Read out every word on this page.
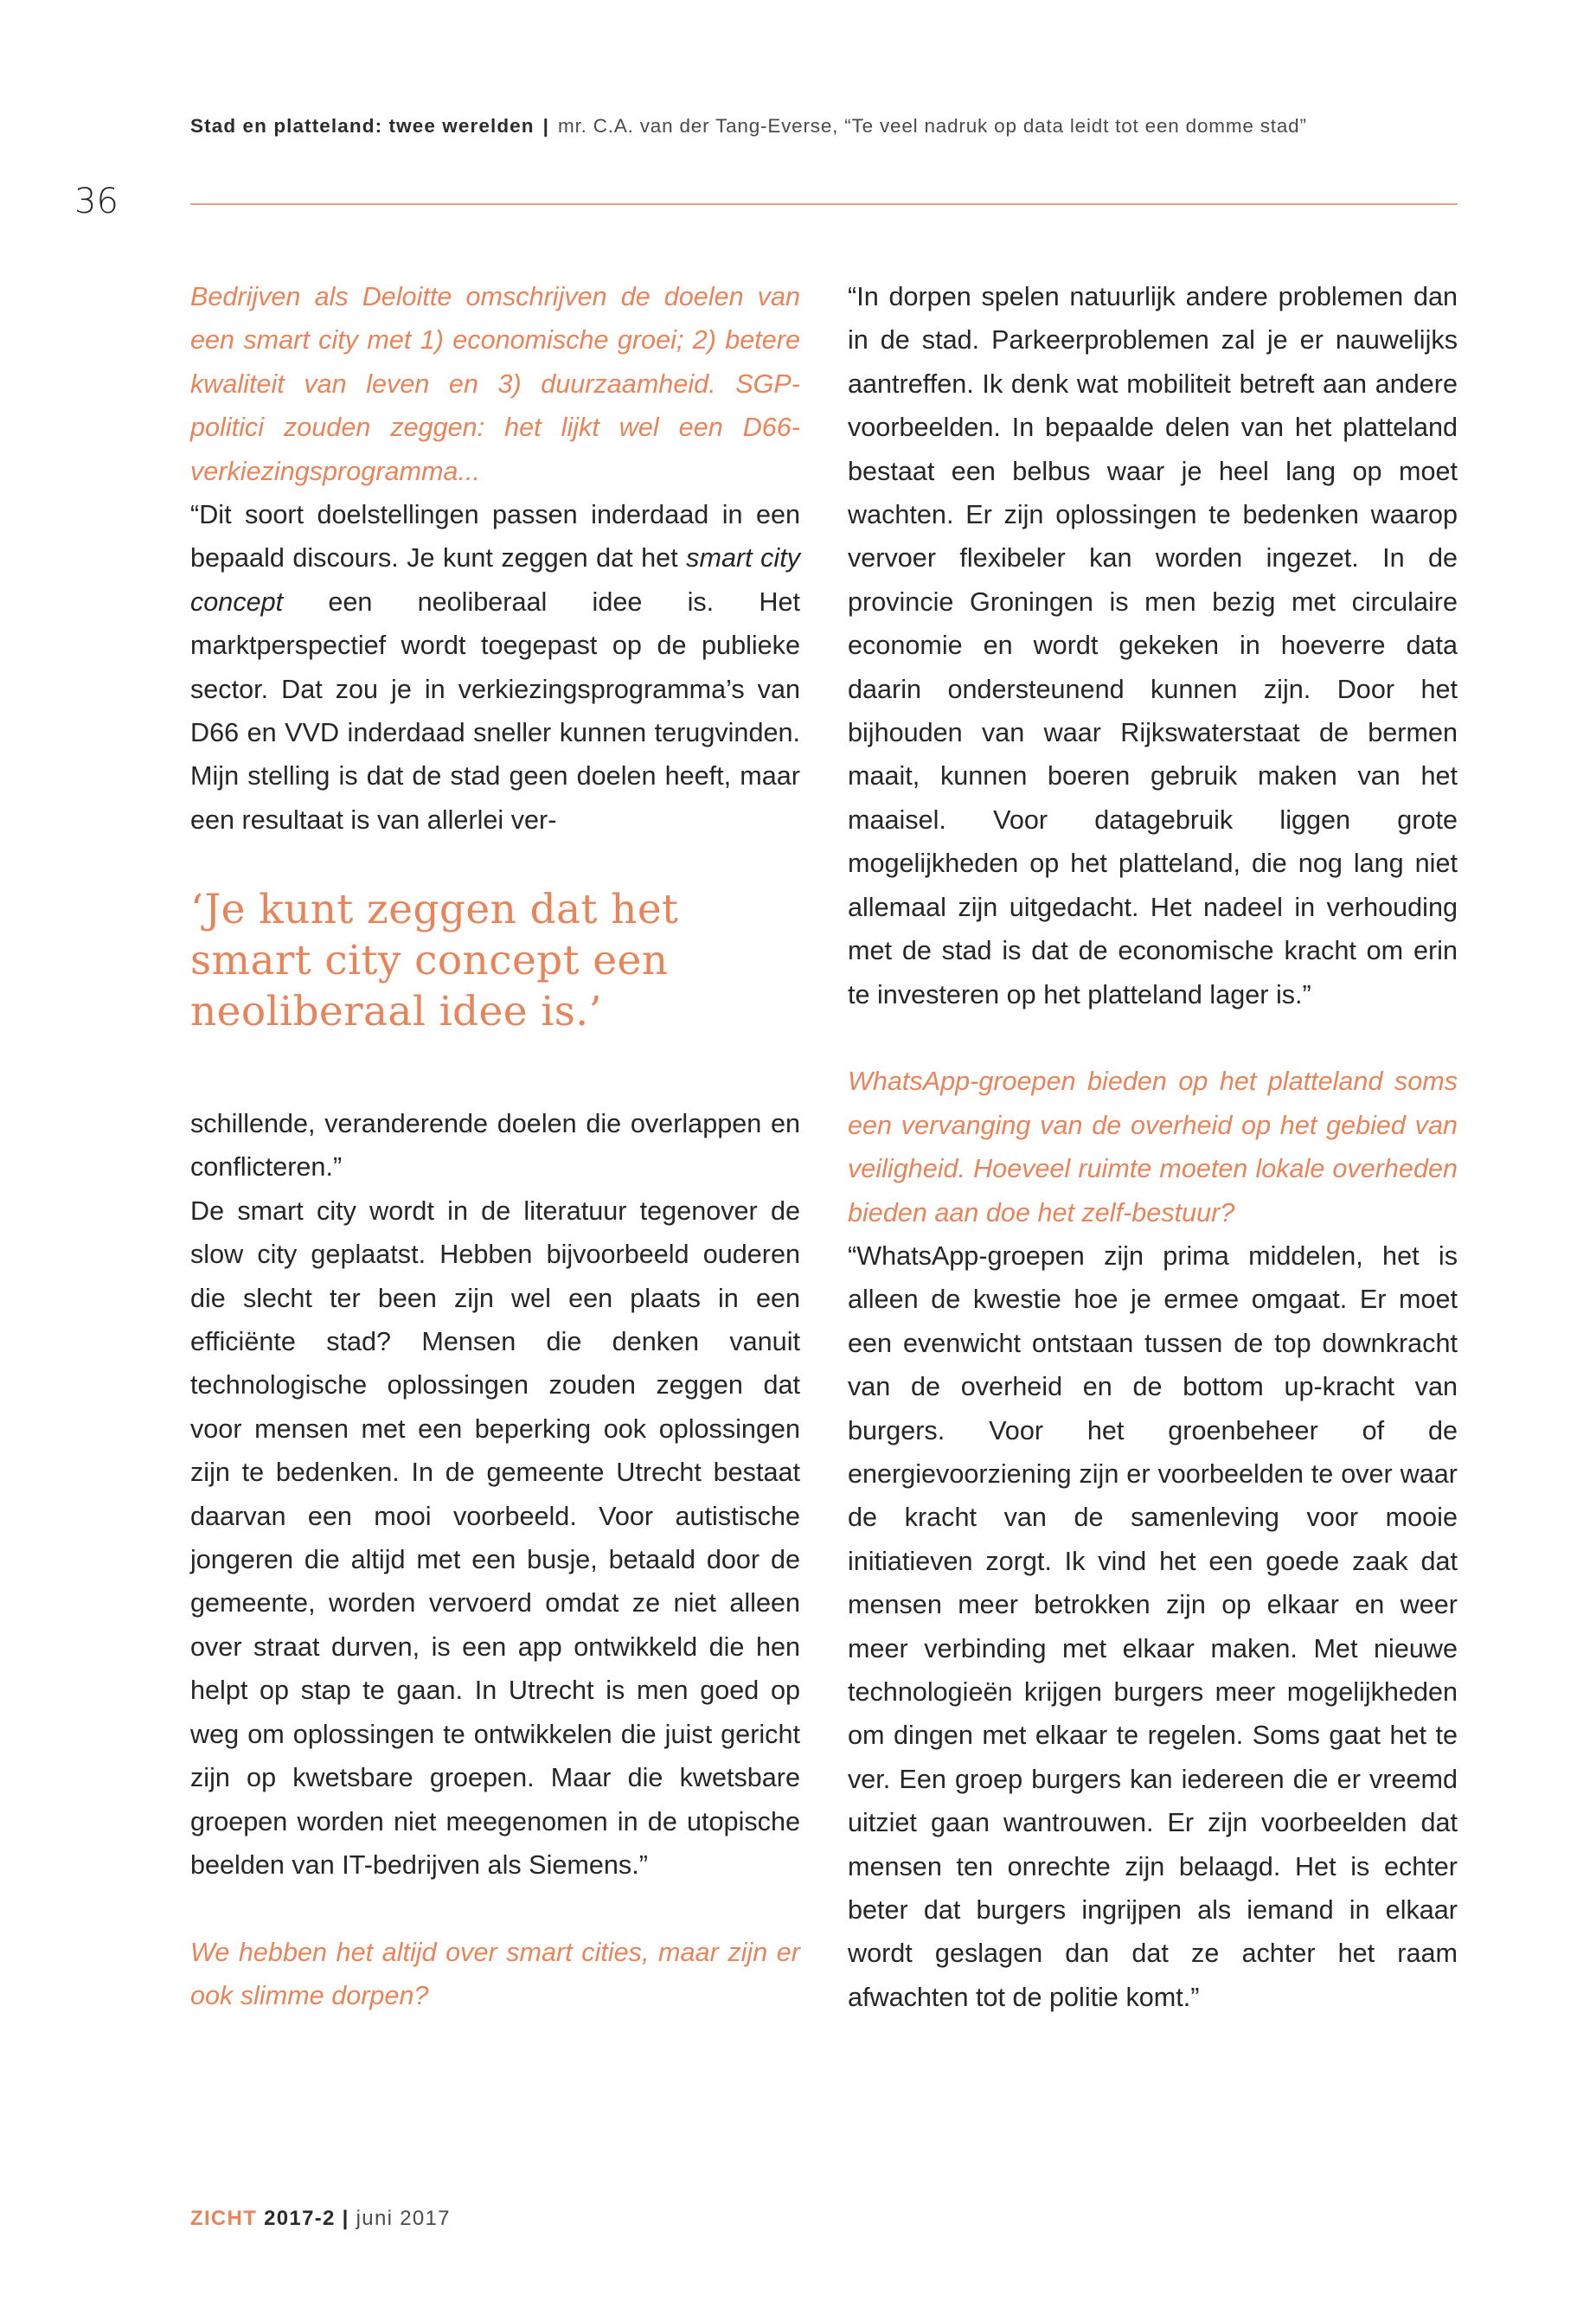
Stad en platteland: twee werelden | mr. C.A. van der Tang-Everse, “Te veel nadruk op data leidt tot een domme stad”
36

Bedrijven als Deloitte omschrijven de doelen van een smart city met 1) economische groei; 2) betere kwaliteit van leven en 3) duurzaamheid. SGP-politici zouden zeggen: het lijkt wel een D66-verkiezingsprogramma...

“Dit soort doelstellingen passen inderdaad in een bepaald discours. Je kunt zeggen dat het smart city concept een neoliberaal idee is. Het marktperspectief wordt toegepast op de publieke sector. Dat zou je in verkiezingsprogramma’s van D66 en VVD inderdaad sneller kunnen terugvinden. Mijn stelling is dat de stad geen doelen heeft, maar een resultaat is van allerlei ver-

‘Je kunt zeggen dat het
smart city concept een
neoliberaal idee is.’

schillende, veranderende doelen die overlappen en conflicteren.”

De smart city wordt in de literatuur tegenover de slow city geplaatst. Hebben bijvoorbeeld ouderen die slecht ter been zijn wel een plaats in een efficiënte stad? Mensen die denken vanuit technologische oplossingen zouden zeggen dat voor mensen met een beperking ook oplossingen zijn te bedenken. In de gemeente Utrecht bestaat daarvan een mooi voorbeeld. Voor autistische jongeren die altijd met een busje, betaald door de gemeente, worden vervoerd omdat ze niet alleen over straat durven, is een app ontwikkeld die hen helpt op stap te gaan. In Utrecht is men goed op weg om oplossingen te ontwikkelen die juist gericht zijn op kwetsbare groepen. Maar die kwetsbare groepen worden niet meegenomen in de utopische beelden van IT-bedrijven als Siemens.”

We hebben het altijd over smart cities, maar zijn er ook slimme dorpen?

“In dorpen spelen natuurlijk andere problemen dan in de stad. Parkeerproblemen zal je er nauwelijks aantreffen. Ik denk wat mobiliteit betreft aan andere voorbeelden. In bepaalde delen van het platteland bestaat een belbus waar je heel lang op moet wachten. Er zijn oplossingen te bedenken waarop vervoer flexibeler kan worden ingezet. In de provincie Groningen is men bezig met circulaire economie en wordt gekeken in hoeverre data daarin ondersteunend kunnen zijn. Door het bijhouden van waar Rijkswaterstaat de bermen maait, kunnen boeren gebruik maken van het maaisel. Voor datagebruik liggen grote mogelijkheden op het platteland, die nog lang niet allemaal zijn uitgedacht. Het nadeel in verhouding met de stad is dat de economische kracht om erin te investeren op het platteland lager is.”

WhatsApp-groepen bieden op het platteland soms een vervanging van de overheid op het gebied van veiligheid. Hoeveel ruimte moeten lokale overheden bieden aan doe het zelf-bestuur?

“WhatsApp-groepen zijn prima middelen, het is alleen de kwestie hoe je ermee omgaat. Er moet een evenwicht ontstaan tussen de top downkracht van de overheid en de bottom up-kracht van burgers. Voor het groenbeheer of de energievoorziening zijn er voorbeelden te over waar de kracht van de samenleving voor mooie initiatieven zorgt. Ik vind het een goede zaak dat mensen meer betrokken zijn op elkaar en weer meer verbinding met elkaar maken. Met nieuwe technologieën krijgen burgers meer mogelijkheden om dingen met elkaar te regelen. Soms gaat het te ver. Een groep burgers kan iedereen die er vreemd uitziet gaan wantrouwen. Er zijn voorbeelden dat mensen ten onrechte zijn belaagd. Het is echter beter dat burgers ingrijpen als iemand in elkaar wordt geslagen dan dat ze achter het raam afwachten tot de politie komt.”

ZICHT 2017-2 | juni 2017
